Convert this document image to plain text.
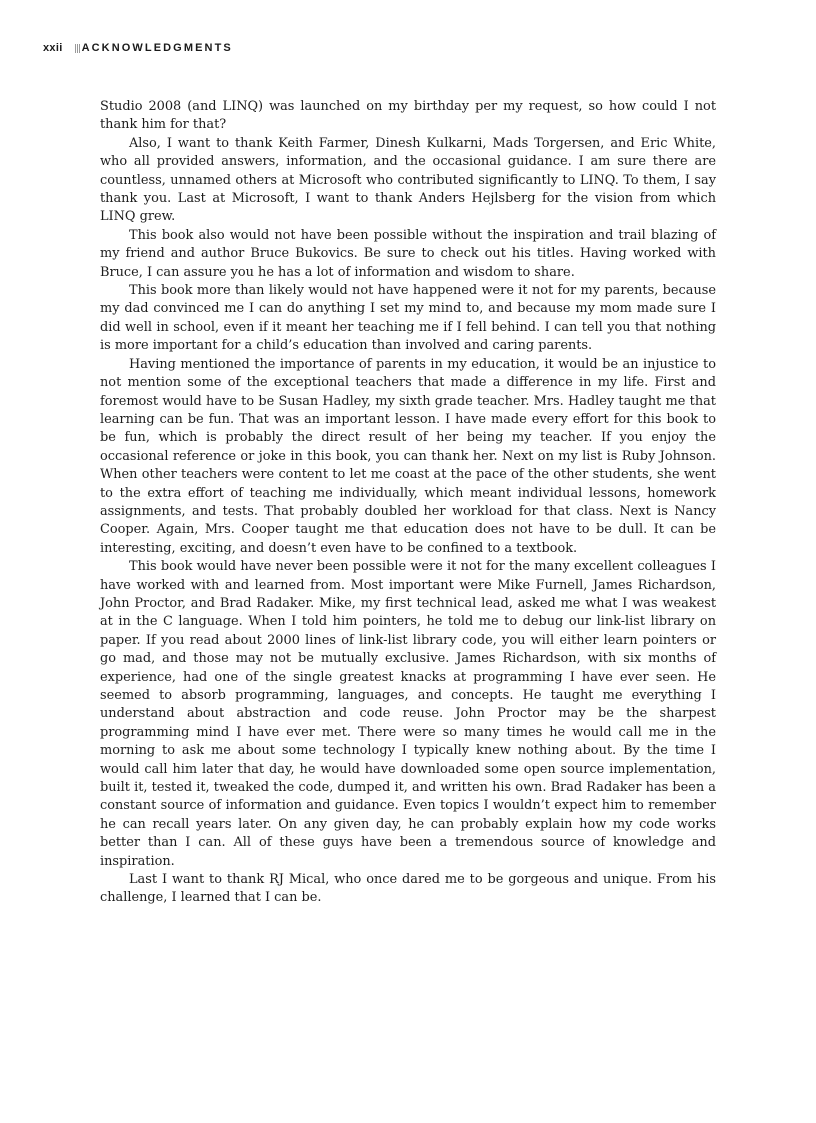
xxii ACKNOWLEDGMENTS

Studio 2008 (and LINQ) was launched on my birthday per my request, so how could I not thank him for that?

Also, I want to thank Keith Farmer, Dinesh Kulkarni, Mads Torgersen, and Eric White, who all provided answers, information, and the occasional guidance. I am sure there are countless, unnamed others at Microsoft who contributed significantly to LINQ. To them, I say thank you. Last at Microsoft, I want to thank Anders Hejlsberg for the vision from which LINQ grew.

This book also would not have been possible without the inspiration and trail blazing of my friend and author Bruce Bukovics. Be sure to check out his titles. Having worked with Bruce, I can assure you he has a lot of information and wisdom to share.

This book more than likely would not have happened were it not for my parents, because my dad convinced me I can do anything I set my mind to, and because my mom made sure I did well in school, even if it meant her teaching me if I fell behind. I can tell you that nothing is more important for a child’s education than involved and caring parents.

Having mentioned the importance of parents in my education, it would be an injustice to not mention some of the exceptional teachers that made a difference in my life. First and foremost would have to be Susan Hadley, my sixth grade teacher. Mrs. Hadley taught me that learning can be fun. That was an important lesson. I have made every effort for this book to be fun, which is probably the direct result of her being my teacher. If you enjoy the occasional reference or joke in this book, you can thank her. Next on my list is Ruby Johnson. When other teachers were content to let me coast at the pace of the other students, she went to the extra effort of teaching me individually, which meant individual lessons, homework assignments, and tests. That probably doubled her workload for that class. Next is Nancy Cooper. Again, Mrs. Cooper taught me that education does not have to be dull. It can be interesting, exciting, and doesn’t even have to be confined to a textbook.

This book would have never been possible were it not for the many excellent colleagues I have worked with and learned from. Most important were Mike Furnell, James Richardson, John Proctor, and Brad Radaker. Mike, my first technical lead, asked me what I was weakest at in the C language. When I told him pointers, he told me to debug our link-list library on paper. If you read about 2000 lines of link-list library code, you will either learn pointers or go mad, and those may not be mutually exclusive. James Richardson, with six months of experience, had one of the single greatest knacks at programming I have ever seen. He seemed to absorb programming, languages, and concepts. He taught me everything I understand about abstraction and code reuse. John Proctor may be the sharpest programming mind I have ever met. There were so many times he would call me in the morning to ask me about some technology I typically knew nothing about. By the time I would call him later that day, he would have downloaded some open source implementation, built it, tested it, tweaked the code, dumped it, and written his own. Brad Radaker has been a constant source of information and guidance. Even topics I wouldn’t expect him to remember he can recall years later. On any given day, he can probably explain how my code works better than I can. All of these guys have been a tremendous source of knowledge and inspiration.

Last I want to thank RJ Mical, who once dared me to be gorgeous and unique. From his challenge, I learned that I can be.
